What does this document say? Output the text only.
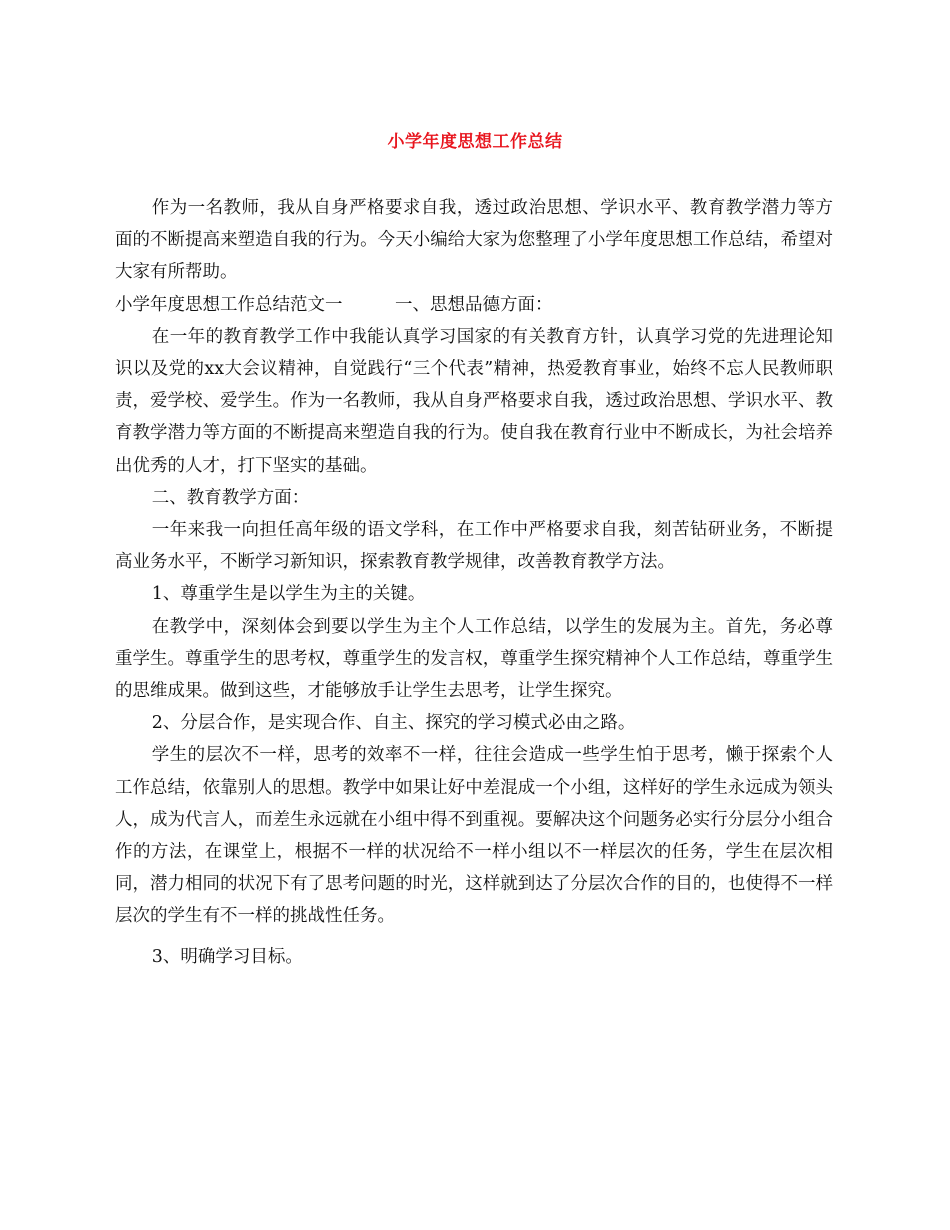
小学年度思想工作总结

作为一名教师，我从自身严格要求自我，透过政治思想、学识水平、教育教学潜力等方面的不断提高来塑造自我的行为。今天小编给大家为您整理了小学年度思想工作总结，希望对大家有所帮助。

小学年度思想工作总结范文一　　　一、思想品德方面：

在一年的教育教学工作中我能认真学习国家的有关教育方针，认真学习党的先进理论知识以及党的xx大会议精神，自觉践行“三个代表”精神，热爱教育事业，始终不忘人民教师职责，爱学校、爱学生。作为一名教师，我从自身严格要求自我，透过政治思想、学识水平、教育教学潜力等方面的不断提高来塑造自我的行为。使自我在教育行业中不断成长，为社会培养出优秀的人才，打下坚实的基础。

二、教育教学方面：

一年来我一向担任高年级的语文学科，在工作中严格要求自我，刻苦钻研业务，不断提高业务水平，不断学习新知识，探索教育教学规律，改善教育教学方法。

1、尊重学生是以学生为主的关键。

在教学中，深刻体会到要以学生为主个人工作总结，以学生的发展为主。首先，务必尊重学生。尊重学生的思考权，尊重学生的发言权，尊重学生探究精神个人工作总结，尊重学生的思维成果。做到这些，才能够放手让学生去思考，让学生探究。

2、分层合作，是实现合作、自主、探究的学习模式必由之路。

学生的层次不一样，思考的效率不一样，往往会造成一些学生怕于思考，懒于探索个人工作总结，依靠别人的思想。教学中如果让好中差混成一个小组，这样好的学生永远成为领头人，成为代言人，而差生永远就在小组中得不到重视。要解决这个问题务必实行分层分小组合作的方法，在课堂上，根据不一样的状况给不一样小组以不一样层次的任务，学生在层次相同，潜力相同的状况下有了思考问题的时光，这样就到达了分层次合作的目的，也使得不一样层次的学生有不一样的挑战性任务。

3、明确学习目标。
